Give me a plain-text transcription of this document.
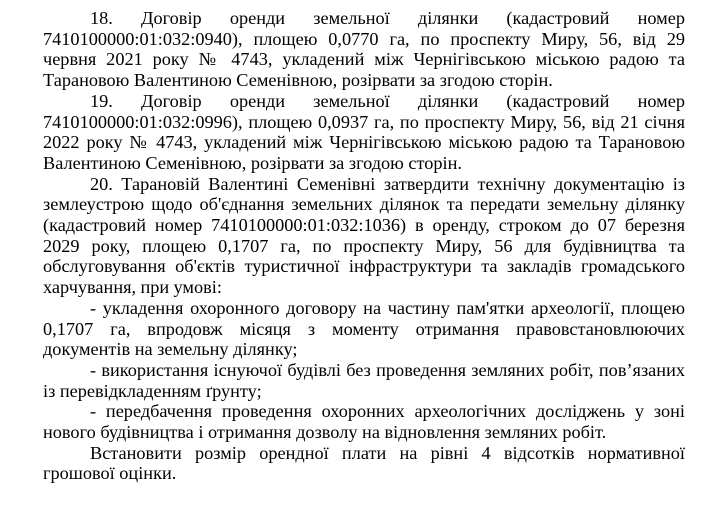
18. Договір оренди земельної ділянки (кадастровий номер 7410100000:01:032:0940), площею 0,0770 га, по проспекту Миру, 56, від 29 червня 2021 року № 4743, укладений між Чернігівською міською радою та Тарановою Валентиною Семенівною, розірвати за згодою сторін.

19. Договір оренди земельної ділянки (кадастровий номер 7410100000:01:032:0996), площею 0,0937 га, по проспекту Миру, 56, від 21 січня 2022 року № 4743, укладений між Чернігівською міською радою та Тарановою Валентиною Семенівною, розірвати за згодою сторін.

20. Тарановій Валентині Семенівні затвердити технічну документацію із землеустрою щодо об'єднання земельних ділянок та передати земельну ділянку (кадастровий номер 7410100000:01:032:1036) в оренду, строком до 07 березня 2029 року, площею 0,1707 га, по проспекту Миру, 56 для будівництва та обслуговування об'єктів туристичної інфраструктури та закладів громадського харчування, при умові:

- укладення охоронного договору на частину пам'ятки археології, площею 0,1707 га, впродовж місяця з моменту отримання правовстановлюючих документів на земельну ділянку;

- використання існуючої будівлі без проведення земляних робіт, пов’язаних із перевідкладенням ґрунту;

- передбачення проведення охоронних археологічних досліджень у зоні нового будівництва і отримання дозволу на відновлення земляних робіт.

Встановити розмір орендної плати на рівні 4 відсотків нормативної грошової оцінки.
